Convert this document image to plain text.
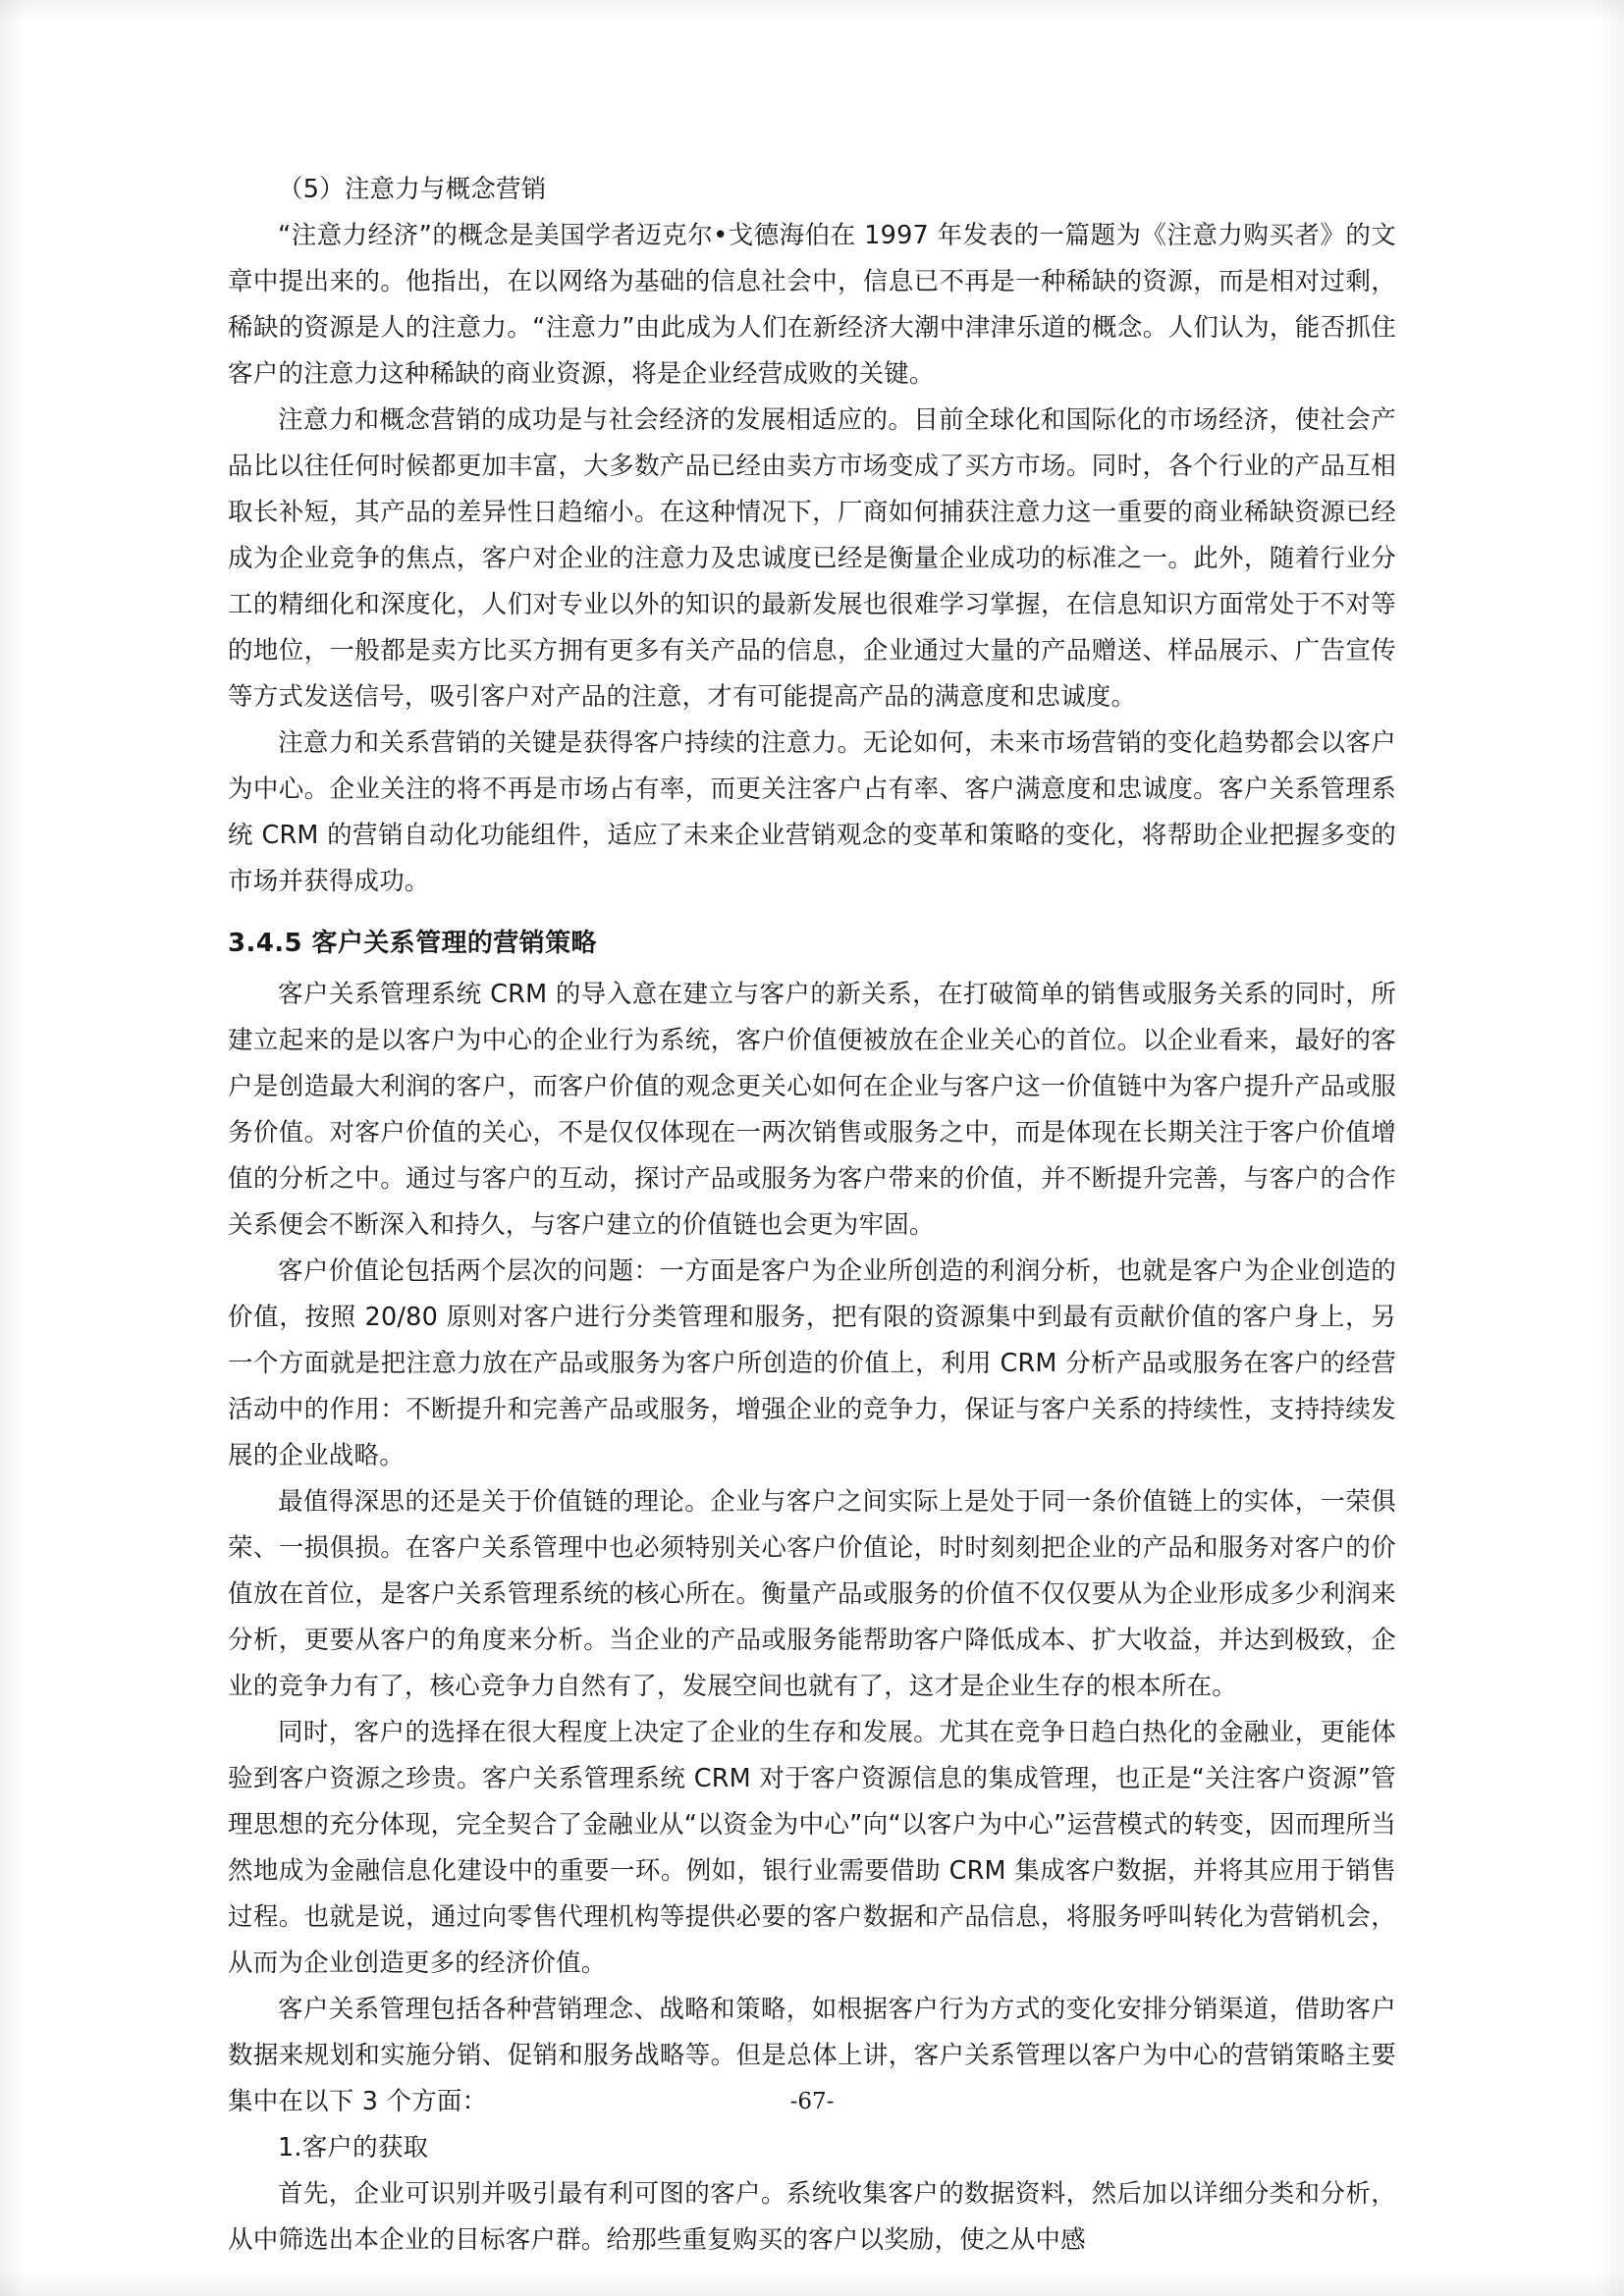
（5）注意力与概念营销

“注意力经济”的概念是美国学者迈克尔•戈德海伯在 1997 年发表的一篇题为《注意力购买者》的文章中提出来的。他指出，在以网络为基础的信息社会中，信息已不再是一种稀缺的资源，而是相对过剩，稀缺的资源是人的注意力。“注意力”由此成为人们在新经济大潮中津津乐道的概念。人们认为，能否抓住客户的注意力这种稀缺的商业资源，将是企业经营成败的关键。

注意力和概念营销的成功是与社会经济的发展相适应的。目前全球化和国际化的市场经济，使社会产品比以往任何时候都更加丰富，大多数产品已经由卖方市场变成了买方市场。同时，各个行业的产品互相取长补短，其产品的差异性日趋缩小。在这种情况下，厂商如何捕获注意力这一重要的商业稀缺资源已经成为企业竞争的焦点，客户对企业的注意力及忠诚度已经是衡量企业成功的标准之一。此外，随着行业分工的精细化和深度化，人们对专业以外的知识的最新发展也很难学习掌握，在信息知识方面常处于不对等的地位，一般都是卖方比买方拥有更多有关产品的信息，企业通过大量的产品赠送、样品展示、广告宣传等方式发送信号，吸引客户对产品的注意，才有可能提高产品的满意度和忠诚度。

注意力和关系营销的关键是获得客户持续的注意力。无论如何，未来市场营销的变化趋势都会以客户为中心。企业关注的将不再是市场占有率，而更关注客户占有率、客户满意度和忠诚度。客户关系管理系统 CRM 的营销自动化功能组件，适应了未来企业营销观念的变革和策略的变化，将帮助企业把握多变的市场并获得成功。

3.4.5 客户关系管理的营销策略

客户关系管理系统 CRM 的导入意在建立与客户的新关系，在打破简单的销售或服务关系的同时，所建立起来的是以客户为中心的企业行为系统，客户价值便被放在企业关心的首位。以企业看来，最好的客户是创造最大利润的客户，而客户价值的观念更关心如何在企业与客户这一价值链中为客户提升产品或服务价值。对客户价值的关心，不是仅仅体现在一两次销售或服务之中，而是体现在长期关注于客户价值增值的分析之中。通过与客户的互动，探讨产品或服务为客户带来的价值，并不断提升完善，与客户的合作关系便会不断深入和持久，与客户建立的价值链也会更为牢固。

客户价值论包括两个层次的问题：一方面是客户为企业所创造的利润分析，也就是客户为企业创造的价值，按照 20/80 原则对客户进行分类管理和服务，把有限的资源集中到最有贡献价值的客户身上，另一个方面就是把注意力放在产品或服务为客户所创造的价值上，利用 CRM 分析产品或服务在客户的经营活动中的作用：不断提升和完善产品或服务，增强企业的竞争力，保证与客户关系的持续性，支持持续发展的企业战略。

最值得深思的还是关于价值链的理论。企业与客户之间实际上是处于同一条价值链上的实体，一荣俱荣、一损俱损。在客户关系管理中也必须特别关心客户价值论，时时刻刻把企业的产品和服务对客户的价值放在首位，是客户关系管理系统的核心所在。衡量产品或服务的价值不仅仅要从为企业形成多少利润来分析，更要从客户的角度来分析。当企业的产品或服务能帮助客户降低成本、扩大收益，并达到极致，企业的竞争力有了，核心竞争力自然有了，发展空间也就有了，这才是企业生存的根本所在。

同时，客户的选择在很大程度上决定了企业的生存和发展。尤其在竞争日趋白热化的金融业，更能体验到客户资源之珍贵。客户关系管理系统 CRM 对于客户资源信息的集成管理，也正是“关注客户资源”管理思想的充分体现，完全契合了金融业从“以资金为中心”向“以客户为中心”运营模式的转变，因而理所当然地成为金融信息化建设中的重要一环。例如，银行业需要借助 CRM 集成客户数据，并将其应用于销售过程。也就是说，通过向零售代理机构等提供必要的客户数据和产品信息，将服务呼叫转化为营销机会，从而为企业创造更多的经济价值。

客户关系管理包括各种营销理念、战略和策略，如根据客户行为方式的变化安排分销渠道，借助客户数据来规划和实施分销、促销和服务战略等。但是总体上讲，客户关系管理以客户为中心的营销策略主要集中在以下 3 个方面：

1.客户的获取

首先，企业可识别并吸引最有利可图的客户。系统收集客户的数据资料，然后加以详细分类和分析，从中筛选出本企业的目标客户群。给那些重复购买的客户以奖励，使之从中感

-67-
